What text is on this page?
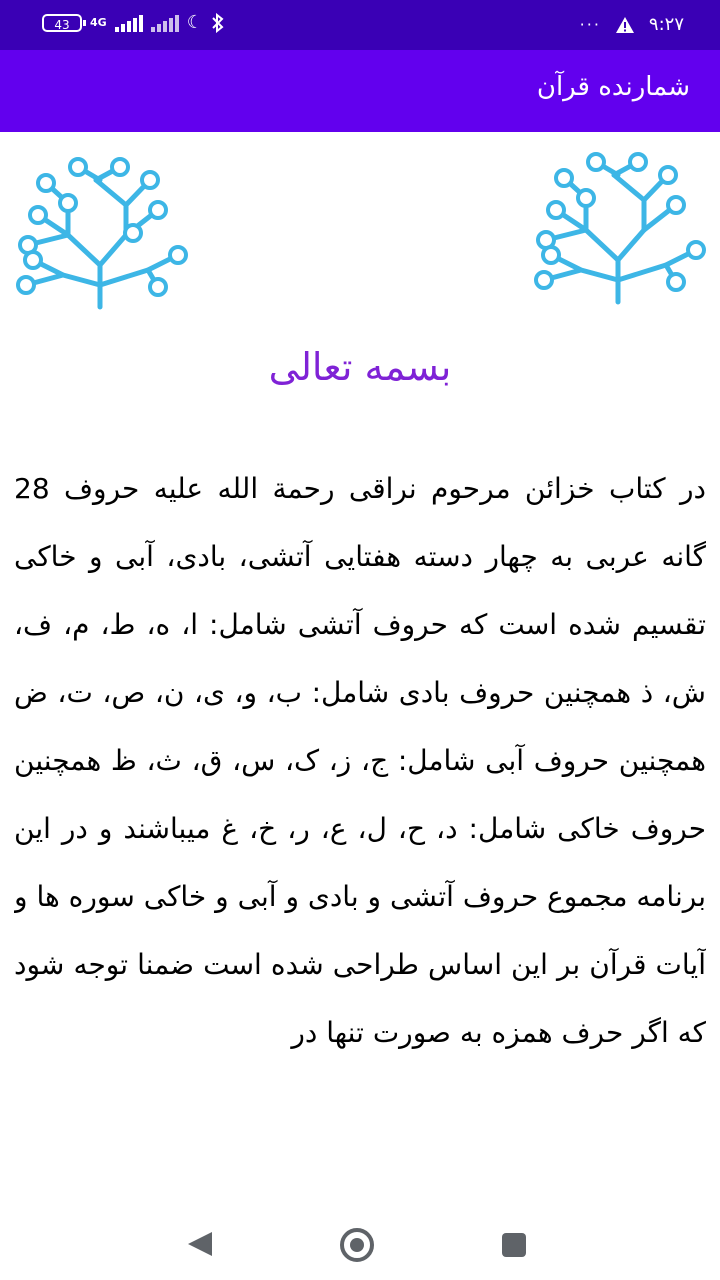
43	4G	☾	···	۹:۲۷
شمارنده قرآن
بسمه تعالی
در کتاب خزائن مرحوم نراقی رحمة الله علیه حروف 28 گانه عربی به چهار دسته هفتایی آتشی، بادی، آبی و خاکی تقسیم شده است که حروف آتشی شامل: ا، ه، ط، م، ف، ش، ذ همچنین حروف بادی شامل: ب، و، ی، ن، ص، ت، ض همچنین حروف آبی شامل: ج، ز، ک، س، ق، ث، ظ همچنین حروف خاکی شامل: د، ح، ل، ع، ر، خ، غ میباشند و در این برنامه مجموع حروف آتشی و بادی و آبی و خاکی سوره ها و آیات قرآن بر این اساس طراحی شده است ضمنا توجه شود که اگر حرف همزه به صورت تنها در
